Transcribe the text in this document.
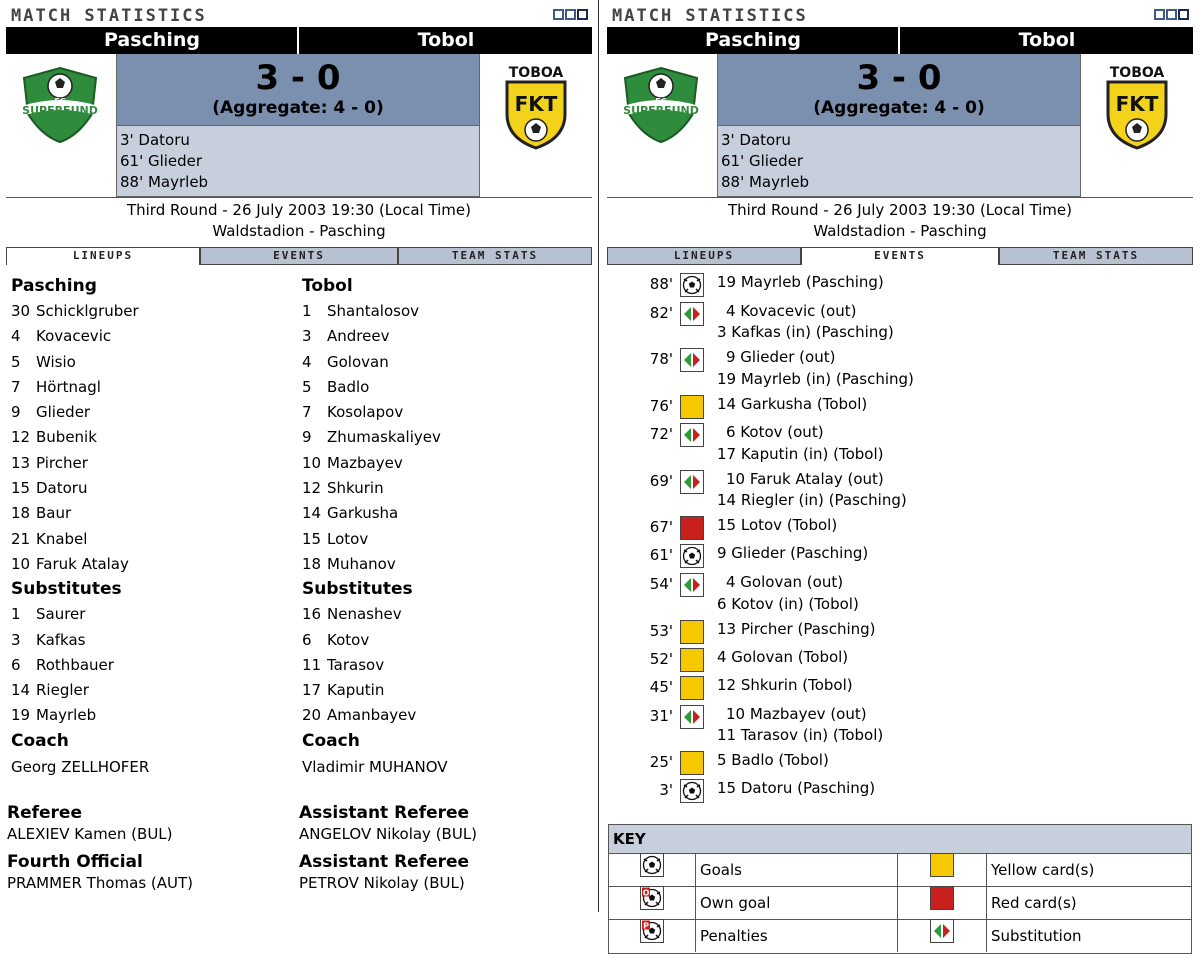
MATCH STATISTICS
Pasching	Tobol
SUPERFUND
FC
3 - 0
(Aggregate: 4 - 0)
3' Datoru
61' Glieder
88' Mayrleb
TOBOA
FKT
Third Round - 26 July 2003 19:30 (Local Time)
Waldstadion - Pasching
LINEUPS	EVENTS	TEAM STATS
Pasching
30 Schicklgruber
4 Kovacevic
5 Wisio
7 Hörtnagl
9 Glieder
12 Bubenik
13 Pircher
15 Datoru
18 Baur
21 Knabel
10 Faruk Atalay
Substitutes
1 Saurer
3 Kafkas
6 Rothbauer
14 Riegler
19 Mayrleb
Coach
Georg ZELLHOFER
Tobol
1 Shantalosov
3 Andreev
4 Golovan
5 Badlo
7 Kosolapov
9 Zhumaskaliyev
10 Mazbayev
12 Shkurin
14 Garkusha
15 Lotov
18 Muhanov
Substitutes
16 Nenashev
6 Kotov
11 Tarasov
17 Kaputin
20 Amanbayev
Coach
Vladimir MUHANOV
Referee
ALEXIEV Kamen (BUL)
Assistant Referee
ANGELOV Nikolay (BUL)
Fourth Official
PRAMMER Thomas (AUT)
Assistant Referee
PETROV Nikolay (BUL)
MATCH STATISTICS
Pasching	Tobol
SUPERFUND
FC
3 - 0
(Aggregate: 4 - 0)
3' Datoru
61' Glieder
88' Mayrleb
TOBOA
FKT
Third Round - 26 July 2003 19:30 (Local Time)
Waldstadion - Pasching
LINEUPS	EVENTS	TEAM STATS
88'	19 Mayrleb (Pasching)
82'	4 Kovacevic (out)
3 Kafkas (in) (Pasching)
78'	9 Glieder (out)
19 Mayrleb (in) (Pasching)
76'	14 Garkusha (Tobol)
72'	6 Kotov (out)
17 Kaputin (in) (Tobol)
69'	10 Faruk Atalay (out)
14 Riegler (in) (Pasching)
67'	15 Lotov (Tobol)
61'	9 Glieder (Pasching)
54'	4 Golovan (out)
6 Kotov (in) (Tobol)
53'	13 Pircher (Pasching)
52'	4 Golovan (Tobol)
45'	12 Shkurin (Tobol)
31'	10 Mazbayev (out)
11 Tarasov (in) (Tobol)
25'	5 Badlo (Tobol)
3'	15 Datoru (Pasching)
KEY
Goals	Yellow card(s)
O
Own goal	Red card(s)
P
Penalties	Substitution
